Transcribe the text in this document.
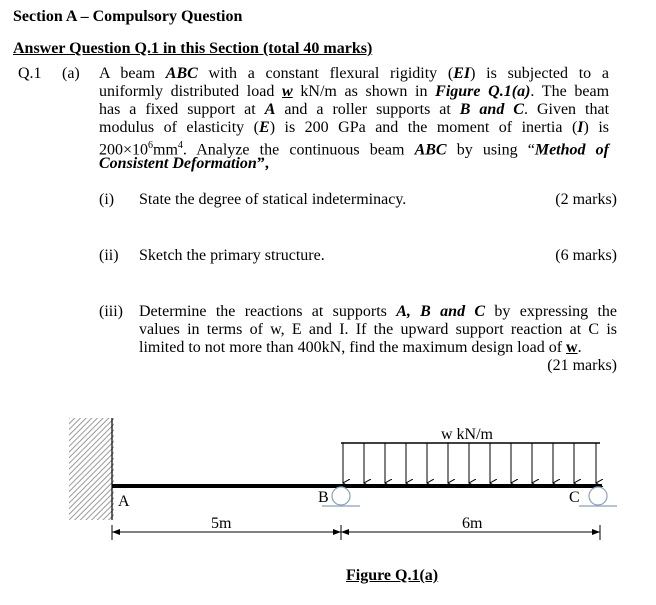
Section A – Compulsory Question
Answer Question Q.1 in this Section (total 40 marks)
Q.1 (a) A beam ABC with a constant flexural rigidity (EI) is subjected to a
uniformly distributed load w kN/m as shown in Figure Q.1(a). The beam
has a fixed support at A and a roller supports at B and C. Given that
modulus of elasticity (E) is 200 GPa and the moment of inertia (I) is
$200\times 10^6mm^4$. Analyze the continuous beam ABC by using “Method of
Consistent Deformation”,
(i) State the degree of statical indeterminacy.	(2 marks)
(ii) Sketch the primary structure.	(6 marks)
(iii) Determine the reactions at supports A, B and C by expressing the
values in terms of w, E and I. If the upward support reaction at C is
limited to not more than 400kN, find the maximum design load of w.
(21 marks)
A	B	C
w kN/m
5m	6m
Figure Q.1(a)
